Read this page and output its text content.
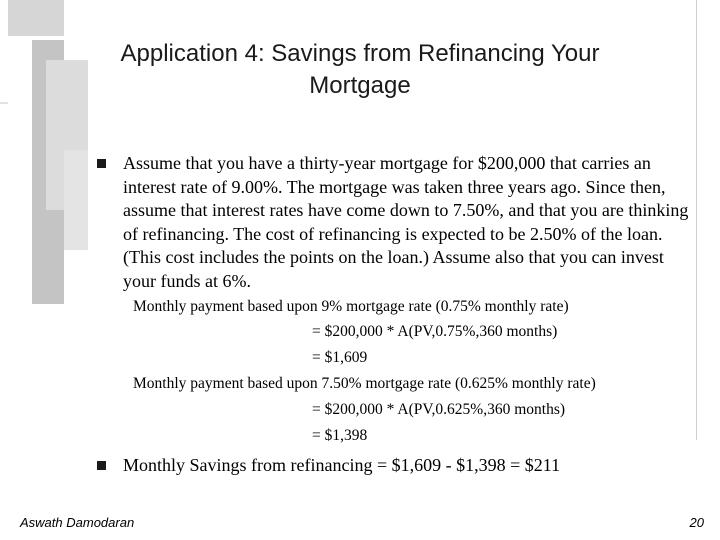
Application 4: Savings from Refinancing Your
Mortgage
Assume that you have a thirty-year mortgage for $200,000 that carries an interest rate of 9.00%. The mortgage was taken three years ago. Since then, assume that interest rates have come down to 7.50%, and that you are thinking of refinancing. The cost of refinancing is expected to be 2.50% of the loan. (This cost includes the points on the loan.) Assume also that you can invest your funds at 6%.
Monthly payment based upon 9% mortgage rate (0.75% monthly rate)
= $200,000 * A(PV,0.75%,360 months)
= $1,609
Monthly payment based upon 7.50% mortgage rate (0.625% monthly rate)
= $200,000 * A(PV,0.625%,360 months)
= $1,398
Monthly Savings from refinancing = $1,609 - $1,398 = $211
Aswath Damodaran	20
